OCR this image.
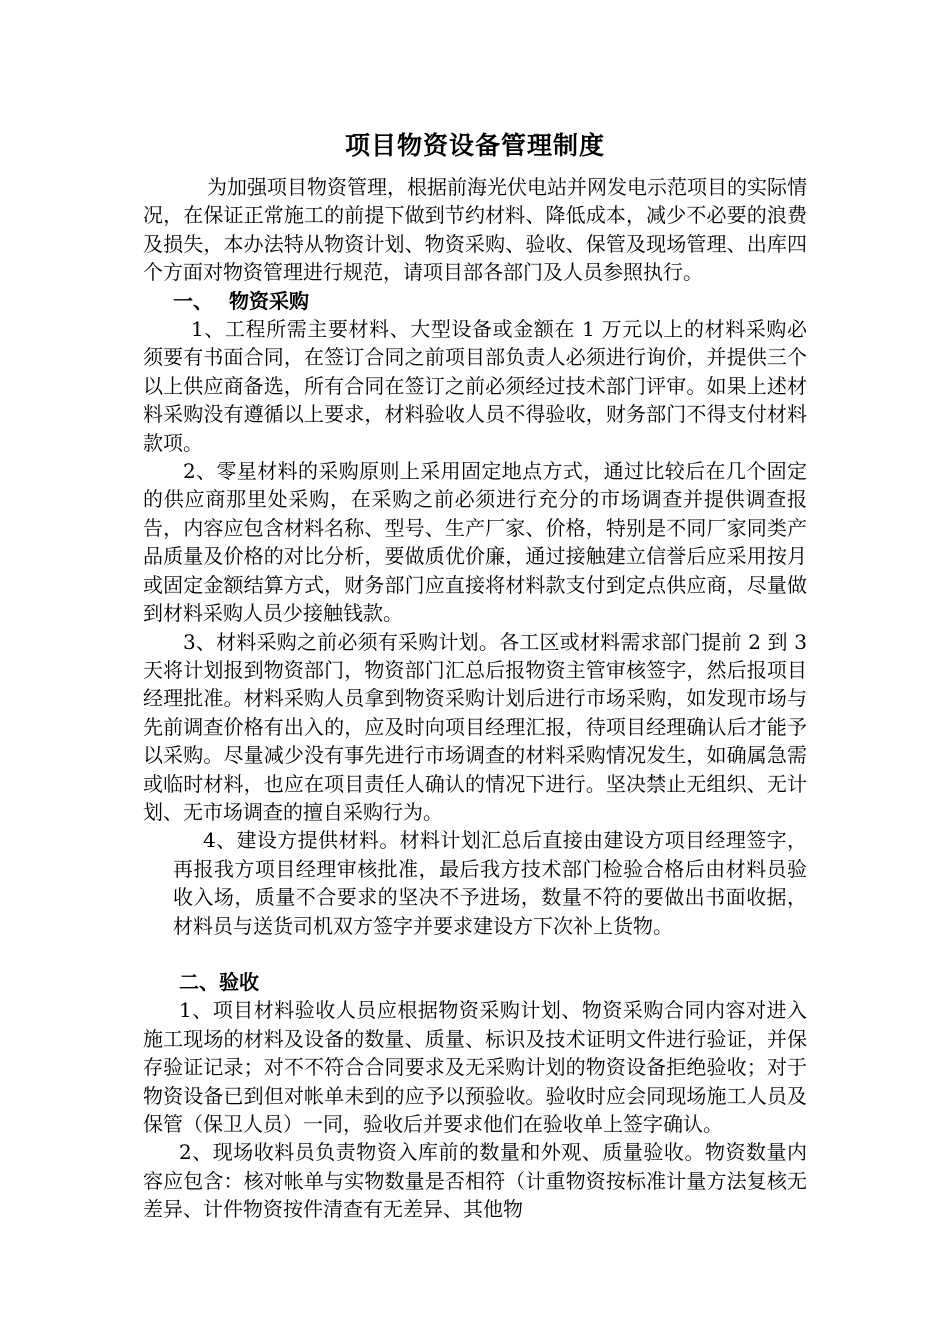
项目物资设备管理制度

为加强项目物资管理，根据前海光伏电站并网发电示范项目的实际情况，在保证正常施工的前提下做到节约材料、降低成本，减少不必要的浪费及损失，本办法特从物资计划、物资采购、验收、保管及现场管理、出库四个方面对物资管理进行规范，请项目部各部门及人员参照执行。

一、 物资采购

1、工程所需主要材料、大型设备或金额在 1 万元以上的材料采购必须要有书面合同，在签订合同之前项目部负责人必须进行询价，并提供三个以上供应商备选，所有合同在签订之前必须经过技术部门评审。如果上述材料采购没有遵循以上要求，材料验收人员不得验收，财务部门不得支付材料款项。

2、零星材料的采购原则上采用固定地点方式，通过比较后在几个固定的供应商那里处采购，在采购之前必须进行充分的市场调查并提供调查报告，内容应包含材料名称、型号、生产厂家、价格，特别是不同厂家同类产品质量及价格的对比分析，要做质优价廉，通过接触建立信誉后应采用按月或固定金额结算方式，财务部门应直接将材料款支付到定点供应商，尽量做到材料采购人员少接触钱款。

3、材料采购之前必须有采购计划。各工区或材料需求部门提前 2 到 3 天将计划报到物资部门，物资部门汇总后报物资主管审核签字，然后报项目经理批准。材料采购人员拿到物资采购计划后进行市场采购，如发现市场与先前调查价格有出入的，应及时向项目经理汇报，待项目经理确认后才能予以采购。尽量减少没有事先进行市场调查的材料采购情况发生，如确属急需或临时材料，也应在项目责任人确认的情况下进行。坚决禁止无组织、无计划、无市场调查的擅自采购行为。

4、建设方提供材料。材料计划汇总后直接由建设方项目经理签字，再报我方项目经理审核批准，最后我方技术部门检验合格后由材料员验收入场，质量不合要求的坚决不予进场，数量不符的要做出书面收据，材料员与送货司机双方签字并要求建设方下次补上货物。

二、验收

1、项目材料验收人员应根据物资采购计划、物资采购合同内容对进入施工现场的材料及设备的数量、质量、标识及技术证明文件进行验证，并保存验证记录；对不不符合合同要求及无采购计划的物资设备拒绝验收；对于物资设备已到但对帐单未到的应予以预验收。验收时应会同现场施工人员及保管（保卫人员）一同，验收后并要求他们在验收单上签字确认。

2、现场收料员负责物资入库前的数量和外观、质量验收。物资数量内容应包含：核对帐单与实物数量是否相符（计重物资按标准计量方法复核无差异、计件物资按件清查有无差异、其他物
